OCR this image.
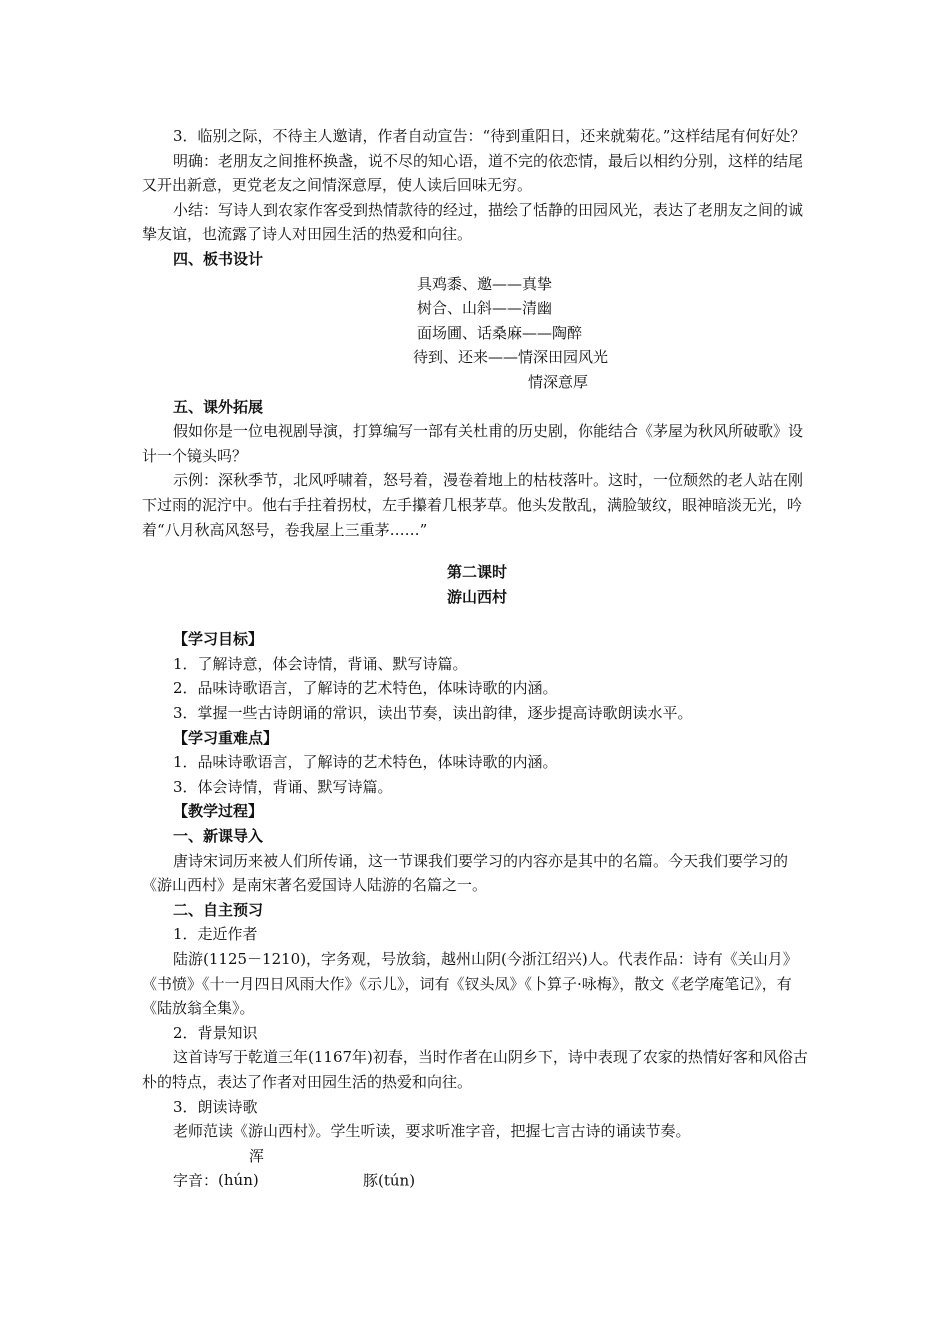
3．临别之际，不待主人邀请，作者自动宣告：“待到重阳日，还来就菊花。”这样结尾有何好处？

明确：老朋友之间推杯换盏，说不尽的知心语，道不完的依恋情，最后以相约分别，这样的结尾又开出新意，更党老友之间情深意厚，使人读后回味无穷。

小结：写诗人到农家作客受到热情款待的经过，描绘了恬静的田园风光，表达了老朋友之间的诚挚友谊，也流露了诗人对田园生活的热爱和向往。

四、板书设计

具鸡黍、邀——真挚
树合、山斜——清幽
面场圃、话桑麻——陶醉
待到、还来——情深田园风光
情深意厚

五、课外拓展

假如你是一位电视剧导演，打算编写一部有关杜甫的历史剧，你能结合《茅屋为秋风所破歌》设计一个镜头吗？

示例：深秋季节，北风呼啸着，怒号着，漫卷着地上的枯枝落叶。这时，一位颓然的老人站在刚下过雨的泥泞中。他右手拄着拐杖，左手攥着几根茅草。他头发散乱，满脸皱纹，眼神暗淡无光，吟着“八月秋高风怒号，卷我屋上三重茅……”

第二课时

游山西村

【学习目标】

1．了解诗意，体会诗情，背诵、默写诗篇。

2．品味诗歌语言，了解诗的艺术特色，体味诗歌的内涵。

3．掌握一些古诗朗诵的常识，读出节奏，读出韵律，逐步提高诗歌朗读水平。

【学习重难点】

1．品味诗歌语言，了解诗的艺术特色，体味诗歌的内涵。

3．体会诗情，背诵、默写诗篇。

【教学过程】

一、新课导入

唐诗宋词历来被人们所传诵，这一节课我们要学习的内容亦是其中的名篇。今天我们要学习的《游山西村》是南宋著名爱国诗人陆游的名篇之一。

二、自主预习

1．走近作者

陆游(1125－1210)，字务观，号放翁，越州山阴(今浙江绍兴)人。代表作品：诗有《关山月》《书愤》《十一月四日风雨大作》《示儿》，词有《钗头凤》《卜算子·咏梅》，散文《老学庵笔记》，有《陆放翁全集》。

2．背景知识

这首诗写于乾道三年(1167年)初春，当时作者在山阴乡下，诗中表现了农家的热情好客和风俗古朴的特点，表达了作者对田园生活的热爱和向往。

3．朗读诗歌

老师范读《游山西村》。学生听读，要求听准字音，把握七言古诗的诵读节奏。

字音：浑(hún)	豚(tún)
